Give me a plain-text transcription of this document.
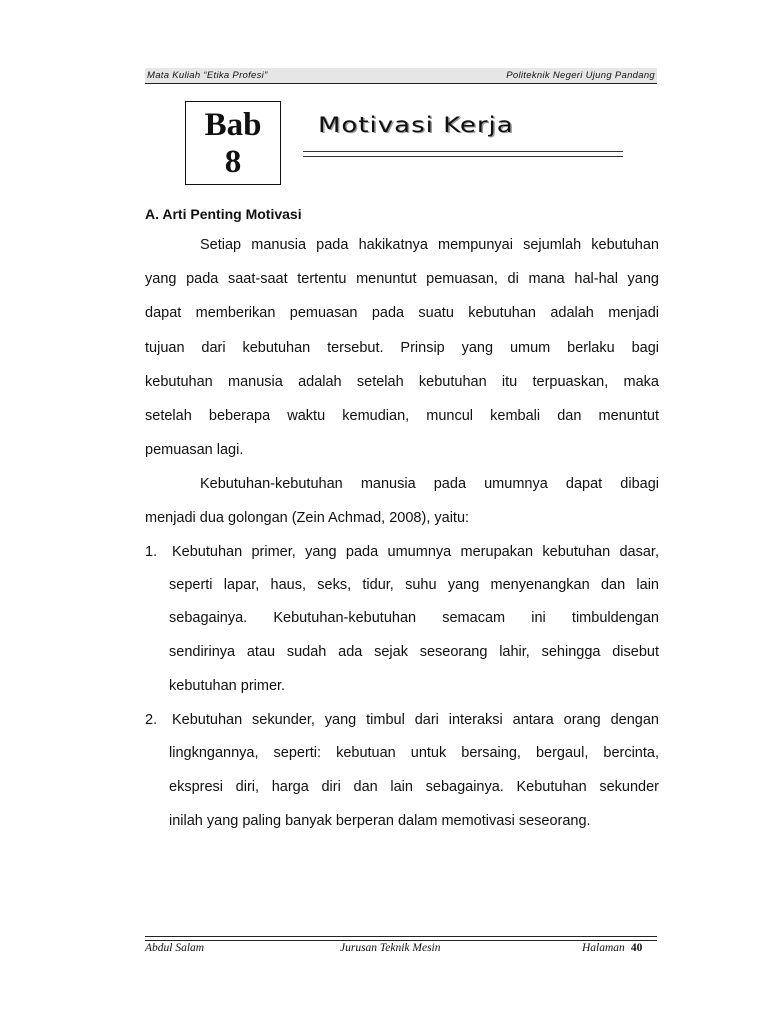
Mata Kuliah “Etika Profesi”	Politeknik Negeri Ujung Pandang
Bab
8
Motivasi Kerja
A. Arti Penting Motivasi
Setiap manusia pada hakikatnya mempunyai sejumlah kebutuhan
yang pada saat-saat tertentu menuntut pemuasan, di mana hal-hal yang
dapat memberikan pemuasan pada suatu kebutuhan adalah menjadi
tujuan dari kebutuhan tersebut. Prinsip yang umum berlaku bagi
kebutuhan manusia adalah setelah kebutuhan itu terpuaskan, maka
setelah beberapa waktu kemudian, muncul kembali dan menuntut
pemuasan lagi.
Kebutuhan-kebutuhan manusia pada umumnya dapat dibagi
menjadi dua golongan (Zein Achmad, 2008), yaitu:
1. Kebutuhan primer, yang pada umumnya merupakan kebutuhan dasar,
seperti lapar, haus, seks, tidur, suhu yang menyenangkan dan lain
sebagainya. Kebutuhan-kebutuhan semacam ini timbuldengan
sendirinya atau sudah ada sejak seseorang lahir, sehingga disebut
kebutuhan primer.
2. Kebutuhan sekunder, yang timbul dari interaksi antara orang dengan
lingkngannya, seperti: kebutuan untuk bersaing, bergaul, bercinta,
ekspresi diri, harga diri dan lain sebagainya. Kebutuhan sekunder
inilah yang paling banyak berperan dalam memotivasi seseorang.
Abdul Salam	Jurusan Teknik Mesin	Halaman 40
